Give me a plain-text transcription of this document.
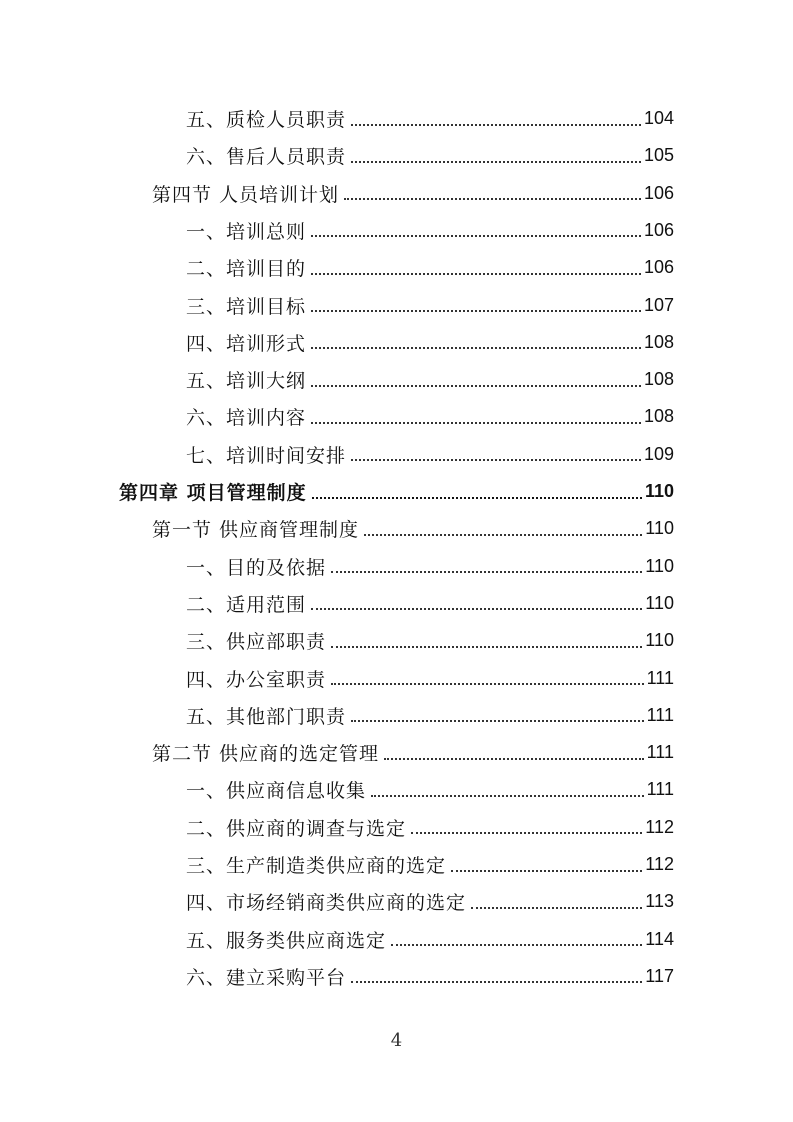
五、质检人员职责	104
六、售后人员职责	105
第四节 人员培训计划	106
一、培训总则	106
二、培训目的	106
三、培训目标	107
四、培训形式	108
五、培训大纲	108
六、培训内容	108
七、培训时间安排	109
第四章 项目管理制度	110
第一节 供应商管理制度	110
一、目的及依据	110
二、适用范围	110
三、供应部职责	110
四、办公室职责	111
五、其他部门职责	111
第二节 供应商的选定管理	111
一、供应商信息收集	111
二、供应商的调查与选定	112
三、生产制造类供应商的选定	112
四、市场经销商类供应商的选定	113
五、服务类供应商选定	114
六、建立采购平台	117
4
